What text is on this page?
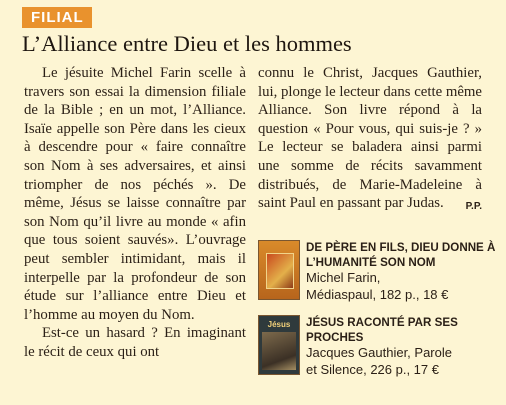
FILIAL
L’Alliance entre Dieu et les hommes

Le jésuite Michel Farin scelle à travers son essai la dimension filiale de la Bible ; en un mot, l’Alliance. Isaïe appelle son Père dans les cieux à descendre pour « faire connaître son Nom à ses adversaires, et ainsi triompher de nos péchés ». De même, Jésus se laisse connaître par son Nom qu’il livre au monde « afin que tous soient sauvés». L’ouvrage peut sembler intimidant, mais il interpelle par la profondeur de son étude sur l’alliance entre Dieu et l’homme au moyen du Nom.

Est-ce un hasard ? En imaginant le récit de ceux qui ont

connu le Christ, Jacques Gauthier, lui, plonge le lecteur dans cette même Alliance. Son livre répond à la question « Pour vous, qui suis-je ? » Le lecteur se baladera ainsi parmi une somme de récits savamment distribués, de Marie-Madeleine à saint Paul en passant par Judas. P.P.

DE PÈRE EN FILS, DIEU DONNE À L’HUMANITÉ SON NOM
Michel Farin,
Médiaspaul, 182 p., 18 €
Jésus	JÉSUS RACONTÉ PAR SES PROCHES
Jacques Gauthier, Parole
et Silence, 226 p., 17 €
